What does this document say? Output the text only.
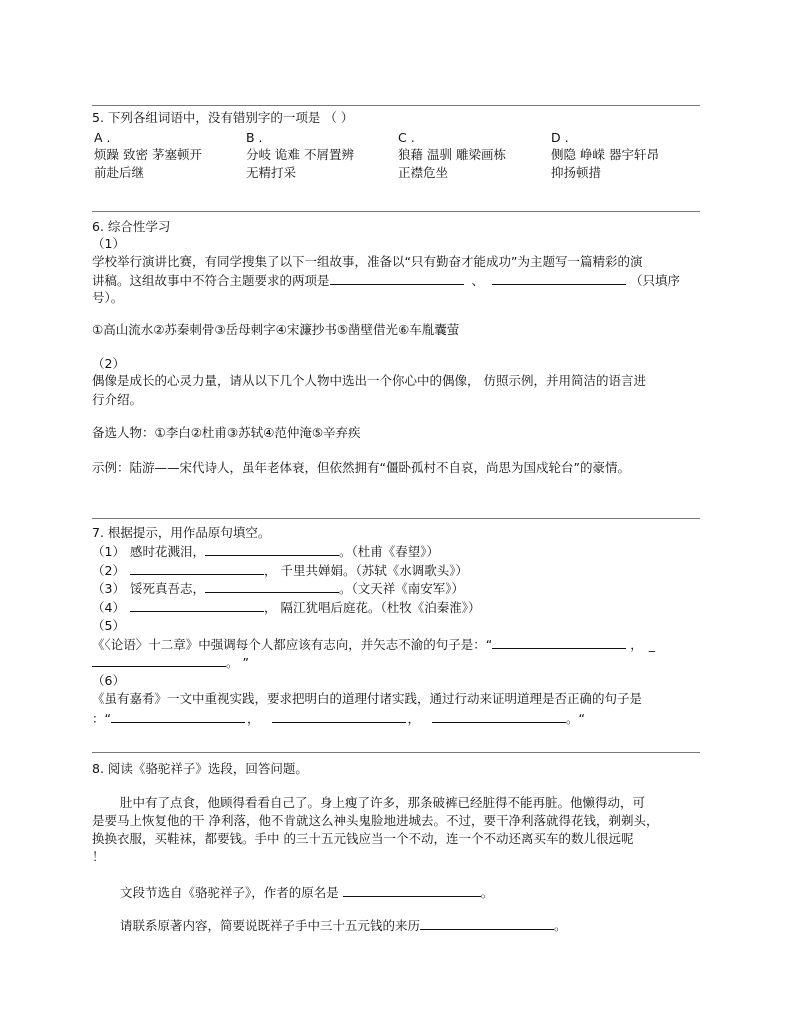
5. 下列各组词语中，没有错别字的一项是 （ ）
A .
烦躁 致密 茅塞顿开
前赴后继
B .
分岐 诡难 不屑置辨
无精打采
C .
狼藉 温驯 雕梁画栋
正襟危坐
D .
侧隐 峥嵘 器宇轩昂
抑扬顿措
6. 综合性学习
（1）
学校举行演讲比赛，有同学搜集了以下一组故事，准备以“只有勤奋才能成功”为主题写一篇精彩的演
讲稿。这组故事中不符合主题要求的两项是	、	（只填序
号）。
①高山流水②苏秦刺骨③岳母刺字④宋濂抄书⑤凿壁借光⑥车胤囊萤
（2）
偶像是成长的心灵力量，请从以下几个人物中选出一个你心中的偶像， 仿照示例，并用简洁的语言进
行介绍。
备选人物：①李白②杜甫③苏轼④范仲淹⑤辛弃疾
示例：陆游——宋代诗人，虽年老体衰，但依然拥有“僵卧孤村不自哀，尚思为国戍轮台”的豪情。
7. 根据提示，用作品原句填空。
（1） 感时花溅泪，	。（杜甫《春望》）
（2）	， 千里共婵娟。（苏轼《水调歌头》）
（3） 馁死真吾志，	。（文天祥《南安军》）
（4）	， 隔江犹唱后庭花。（杜牧《泊秦淮》）
（5）
《〈论语〉十二章》中强调每个人都应该有志向，并矢志不渝的句子是：“	， _
。 ”
（6）
《虽有嘉肴》一文中重视实践，要求把明白的道理付诸实践，通过行动来证明道理是否正确的句子是
：“	，	，	。“
8. 阅读《骆驼祥子》选段，回答问题。
肚中有了点食，他顾得看看自己了。身上瘦了许多，那条破裤已经脏得不能再脏。他懒得动，可
是要马上恢复他的干 净利落，他不肯就这么神头鬼脸地进城去。不过，要干净利落就得花钱，剃剃头，
换换衣服，买鞋袜，都要钱。手中 的三十五元钱应当一个不动，连一个不动还离买车的数儿很远呢
！
文段节选自《骆驼祥子》，作者的原名是	。
请联系原著内容，简要说既祥子手中三十五元钱的来历	。
